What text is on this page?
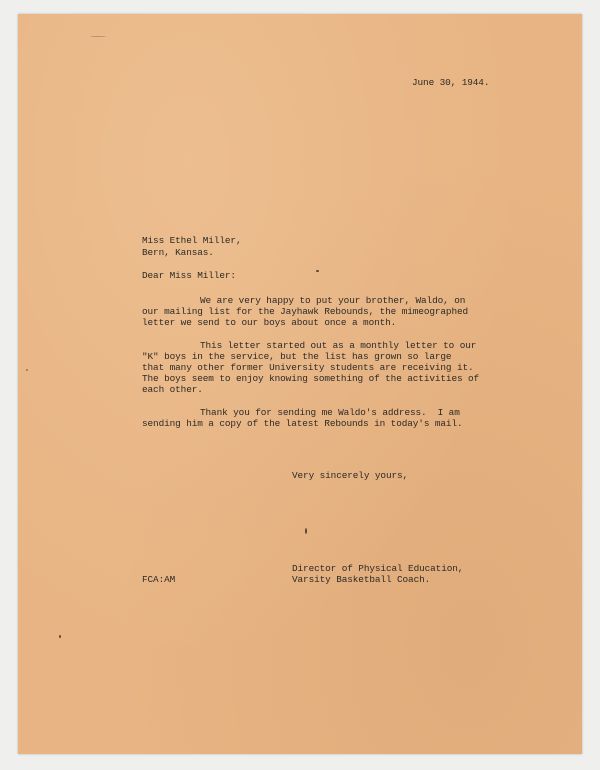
June 30, 1944.
Miss Ethel Miller,
Bern, Kansas.
Dear Miss Miller:
We are very happy to put your brother, Waldo, on
our mailing list for the Jayhawk Rebounds, the mimeographed
letter we send to our boys about once a month.
This letter started out as a monthly letter to our
"K" boys in the service, but the list has grown so large
that many other former University students are receiving it.
The boys seem to enjoy knowing something of the activities of
each other.
Thank you for sending me Waldo's address.  I am
sending him a copy of the latest Rebounds in today's mail.
Very sincerely yours,
Director of Physical Education,
Varsity Basketball Coach.
FCA:AM
